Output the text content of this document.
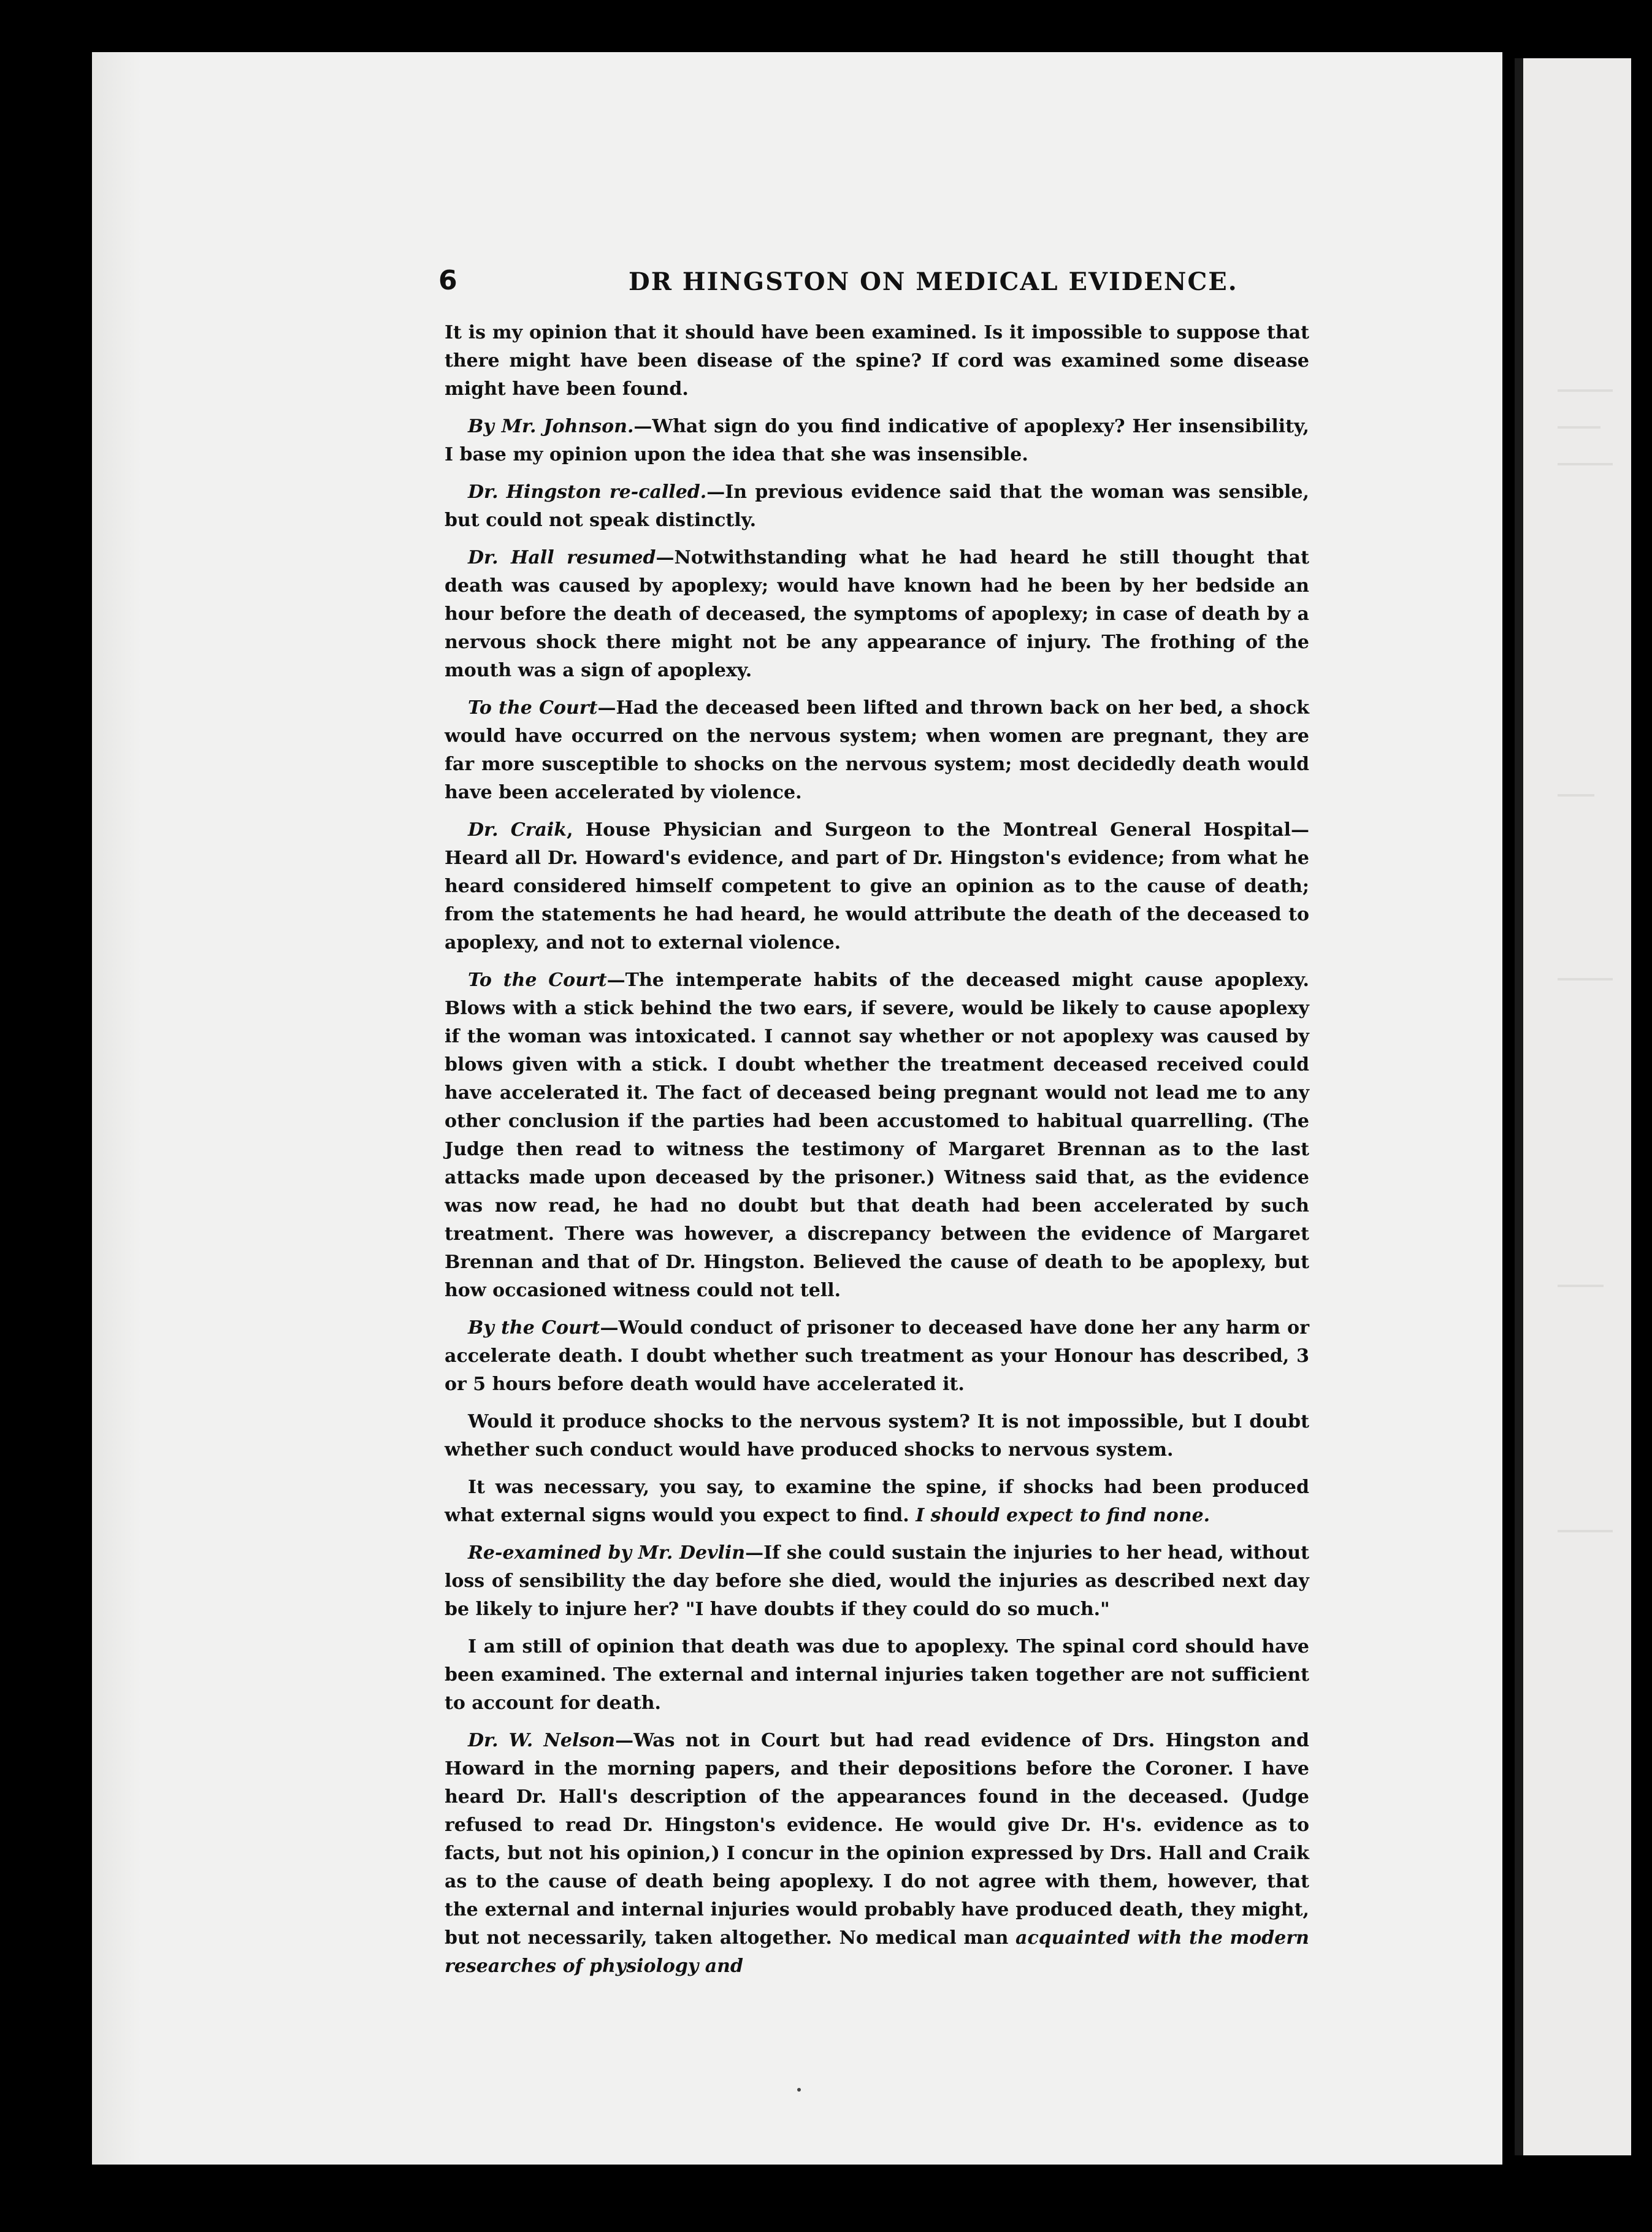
6	DR HINGSTON ON MEDICAL EVIDENCE.

It is my opinion that it should have been examined. Is it impossible to suppose that there might have been disease of the spine? If cord was examined some disease might have been found.

By Mr. Johnson.—What sign do you find indicative of apoplexy? Her insensibility, I base my opinion upon the idea that she was insensible.

Dr. Hingston re-called.—In previous evidence said that the woman was sensible, but could not speak distinctly.

Dr. Hall resumed—Notwithstanding what he had heard he still thought that death was caused by apoplexy; would have known had he been by her bedside an hour before the death of deceased, the symptoms of apoplexy; in case of death by a nervous shock there might not be any appearance of injury. The frothing of the mouth was a sign of apoplexy.

To the Court—Had the deceased been lifted and thrown back on her bed, a shock would have occurred on the nervous system; when women are pregnant, they are far more susceptible to shocks on the nervous system; most decidedly death would have been accelerated by violence.

Dr. Craik, House Physician and Surgeon to the Montreal General Hospital—Heard all Dr. Howard's evidence, and part of Dr. Hingston's evidence; from what he heard considered himself competent to give an opinion as to the cause of death; from the statements he had heard, he would attribute the death of the deceased to apoplexy, and not to external violence.

To the Court—The intemperate habits of the deceased might cause apoplexy. Blows with a stick behind the two ears, if severe, would be likely to cause apoplexy if the woman was intoxicated. I cannot say whether or not apoplexy was caused by blows given with a stick. I doubt whether the treatment deceased received could have accelerated it. The fact of deceased being pregnant would not lead me to any other conclusion if the parties had been accustomed to habitual quarrelling. (The Judge then read to witness the testimony of Margaret Brennan as to the last attacks made upon deceased by the prisoner.) Witness said that, as the evidence was now read, he had no doubt but that death had been accelerated by such treatment. There was however, a discrepancy between the evidence of Margaret Brennan and that of Dr. Hingston. Believed the cause of death to be apoplexy, but how occasioned witness could not tell.

By the Court—Would conduct of prisoner to deceased have done her any harm or accelerate death. I doubt whether such treatment as your Honour has described, 3 or 5 hours before death would have accelerated it.

Would it produce shocks to the nervous system? It is not impossible, but I doubt whether such conduct would have produced shocks to nervous system.

It was necessary, you say, to examine the spine, if shocks had been produced what external signs would you expect to find. I should expect to find none.

Re-examined by Mr. Devlin—If she could sustain the injuries to her head, without loss of sensibility the day before she died, would the injuries as described next day be likely to injure her? "I have doubts if they could do so much."

I am still of opinion that death was due to apoplexy. The spinal cord should have been examined. The external and internal injuries taken together are not sufficient to account for death.

Dr. W. Nelson—Was not in Court but had read evidence of Drs. Hingston and Howard in the morning papers, and their depositions before the Coroner. I have heard Dr. Hall's description of the appearances found in the deceased. (Judge refused to read Dr. Hingston's evidence. He would give Dr. H's. evidence as to facts, but not his opinion,) I concur in the opinion expressed by Drs. Hall and Craik as to the cause of death being apoplexy. I do not agree with them, however, that the external and internal injuries would probably have produced death, they might, but not necessarily, taken altogether. No medical man acquainted with the modern researches of physiology and
